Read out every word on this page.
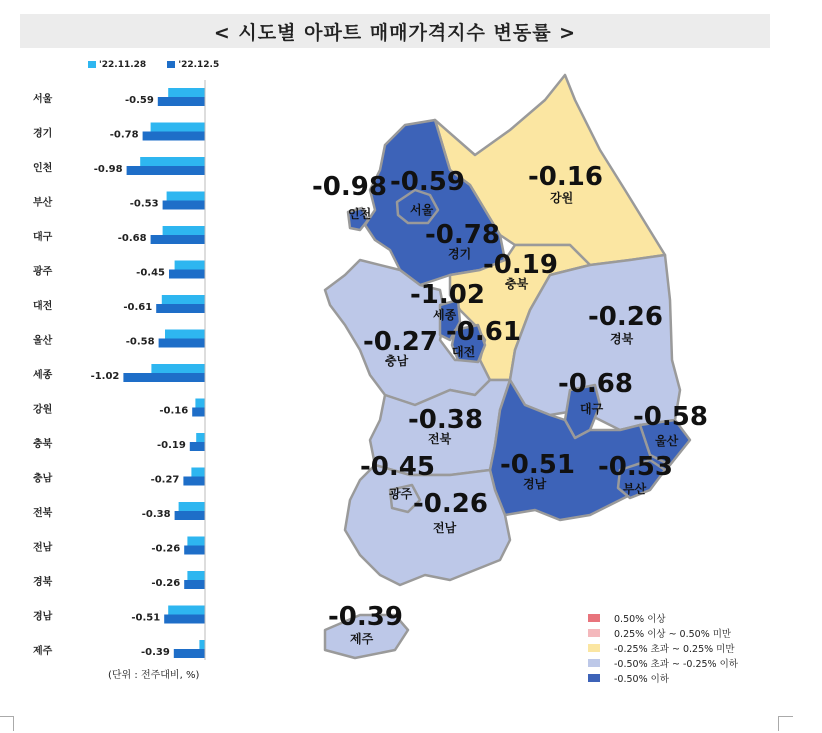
< 시도별 아파트 매매가격지수 변동률 >
'22.11.28	'22.12.5
서울	-0.59
경기	-0.78
인천	-0.98
부산	-0.53
대구	-0.68
광주	-0.45
대전	-0.61
울산	-0.58
세종	-1.02
강원	-0.16
충북	-0.19
충남	-0.27
전북	-0.38
전남	-0.26
경북	-0.26
경남	-0.51
제주	-0.39
(단위 : 전주대비, %)
-0.59
서울
-0.98
인천
-0.78
경기
-0.16
강원
-0.19
충북
-1.02
세종
-0.61
대전
-0.27
충남
-0.26
경북
-0.68
대구 -0.58
울산
-0.38
전북
-0.45
광주
-0.51
경남
-0.53
부산
-0.26
전남
-0.39
제주
0.50% 이상
0.25% 이상 ~ 0.50% 미만
-0.25% 초과 ~ 0.25% 미만
-0.50% 초과 ~ -0.25% 이하
-0.50% 이하
